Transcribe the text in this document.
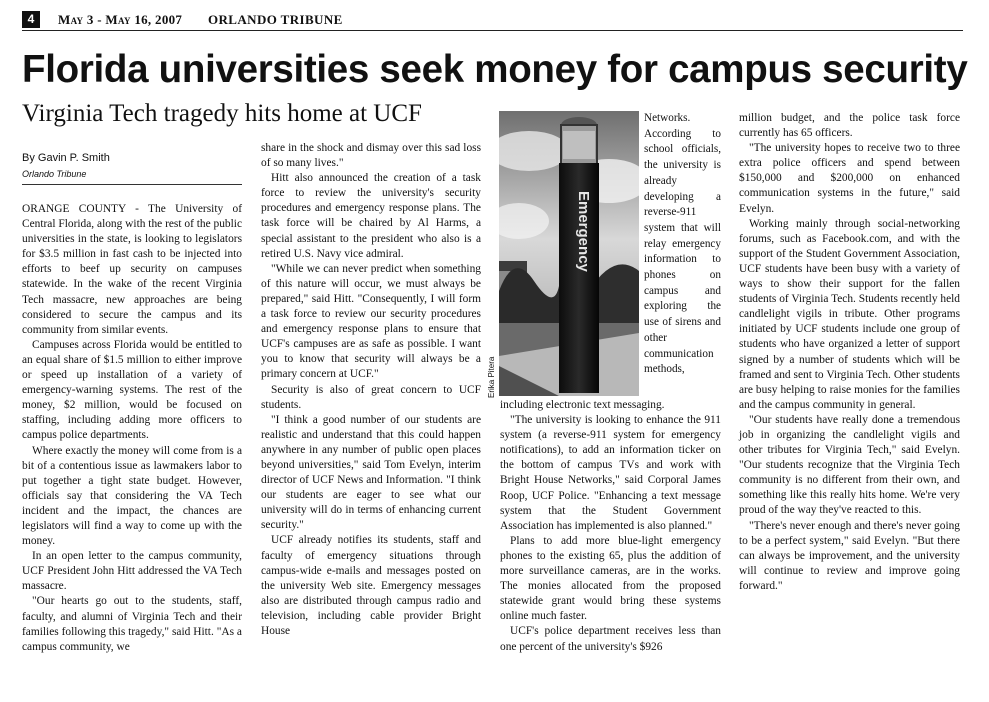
4	May 3 - May 16, 2007 ORLANDO TRIBUNE
Florida universities seek money for campus security
Virginia Tech tragedy hits home at UCF
By Gavin P. Smith
Orlando Tribune

ORANGE COUNTY - The University of Central Florida, along with the rest of the public universities in the state, is looking to legislators for $3.5 million in fast cash to be injected into efforts to beef up security on campuses statewide. In the wake of the recent Virginia Tech massacre, new approaches are being considered to secure the campus and its community from similar events.

Campuses across Florida would be entitled to an equal share of $1.5 million to either improve or speed up installation of a variety of emergency-warning systems. The rest of the money, $2 million, would be focused on staffing, including adding more officers to campus police departments.

Where exactly the money will come from is a bit of a contentious issue as lawmakers labor to put together a tight state budget. However, officials say that considering the VA Tech incident and the impact, the chances are legislators will find a way to come up with the money.

In an open letter to the campus community, UCF President John Hitt addressed the VA Tech massacre.

"Our hearts go out to the students, staff, faculty, and alumni of Virginia Tech and their families following this tragedy," said Hitt. "As a campus community, we

share in the shock and dismay over this sad loss of so many lives."

Hitt also announced the creation of a task force to review the university's security procedures and emergency response plans. The task force will be chaired by Al Harms, a special assistant to the president who also is a retired U.S. Navy vice admiral.

"While we can never predict when something of this nature will occur, we must always be prepared," said Hitt. "Consequently, I will form a task force to review our security procedures and emergency response plans to ensure that UCF's campuses are as safe as possible. I want you to know that security will always be a primary concern at UCF."

Security is also of great concern to UCF students.

"I think a good number of our students are realistic and understand that this could happen anywhere in any number of public open places beyond universities," said Tom Evelyn, interim director of UCF News and Information. "I think our students are eager to see what our university will do in terms of enhancing current security."

UCF already notifies its students, staff and faculty of emergency situations through campus-wide e-mails and messages posted on the university Web site. Emergency messages also are distributed through campus radio and television, including cable provider Bright House

Emergency
Erika Pitera

Networks. According to school officials, the university is already developing a reverse-911 system that will relay emergency information to phones on campus and exploring the use of sirens and other communication methods,

including electronic text messaging.

"The university is looking to enhance the 911 system (a reverse-911 system for emergency notifications), to add an information ticker on the bottom of campus TVs and work with Bright House Networks," said Corporal James Roop, UCF Police. "Enhancing a text message system that the Student Government Association has implemented is also planned."

Plans to add more blue-light emergency phones to the existing 65, plus the addition of more surveillance cameras, are in the works. The monies allocated from the proposed statewide grant would bring these systems online much faster.

UCF's police department receives less than one percent of the university's $926

million budget, and the police task force currently has 65 officers.

"The university hopes to receive two to three extra police officers and spend between $150,000 and $200,000 on enhanced communication systems in the future," said Evelyn.

Working mainly through social-networking forums, such as Facebook.com, and with the support of the Student Government Association, UCF students have been busy with a variety of ways to show their support for the fallen students of Virginia Tech. Students recently held candlelight vigils in tribute. Other programs initiated by UCF students include one group of students who have organized a letter of support signed by a number of students which will be framed and sent to Virginia Tech. Other students are busy helping to raise monies for the families and the campus community in general.

"Our students have really done a tremendous job in organizing the candlelight vigils and other tributes for Virginia Tech," said Evelyn. "Our students recognize that the Virginia Tech community is no different from their own, and something like this really hits home. We're very proud of the way they've reacted to this.

"There's never enough and there's never going to be a perfect system," said Evelyn. "But there can always be improvement, and the university will continue to review and improve going forward."
